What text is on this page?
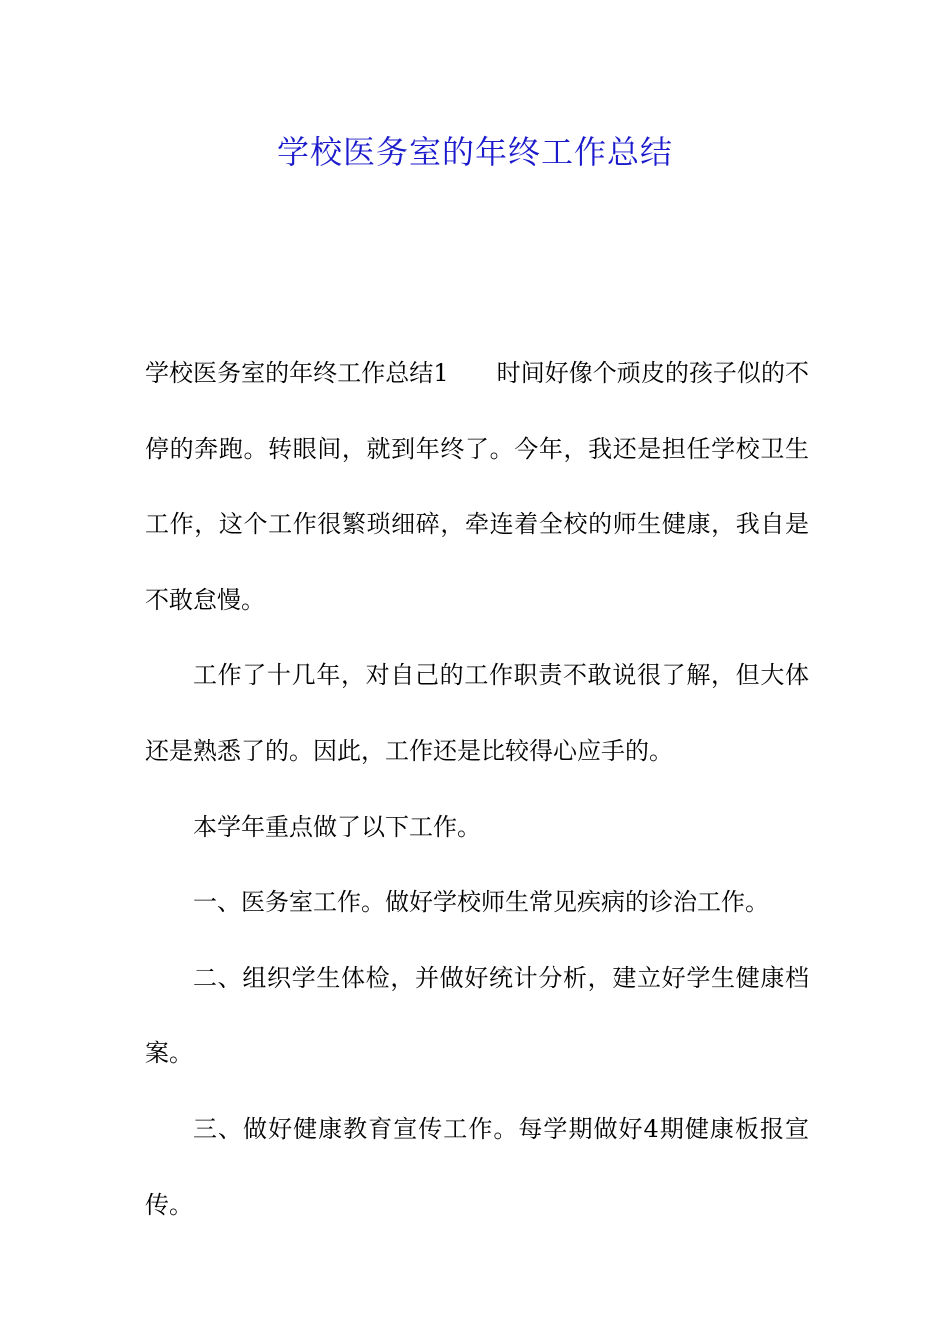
学校医务室的年终工作总结

学校医务室的年终工作总结1　　时间好像个顽皮的孩子似的不停的奔跑。转眼间，就到年终了。今年，我还是担任学校卫生工作，这个工作很繁琐细碎，牵连着全校的师生健康，我自是不敢怠慢。

工作了十几年，对自己的工作职责不敢说很了解，但大体还是熟悉了的。因此，工作还是比较得心应手的。

本学年重点做了以下工作。

一、医务室工作。做好学校师生常见疾病的诊治工作。

二、组织学生体检，并做好统计分析，建立好学生健康档案。

三、做好健康教育宣传工作。每学期做好4期健康板报宣传。
